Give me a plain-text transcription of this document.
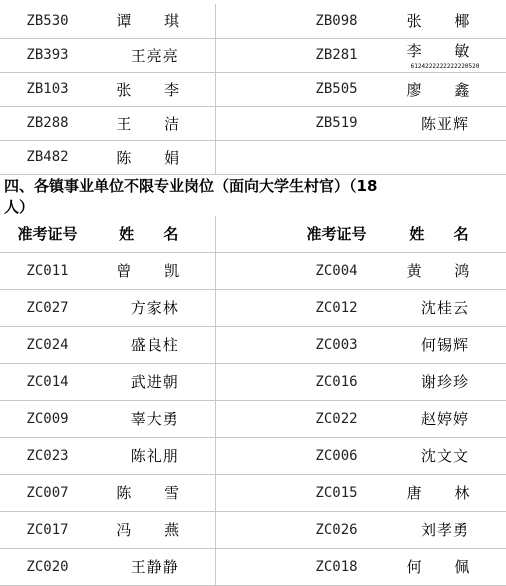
ZB530	谭 琪		ZB098	张 椰
ZB393	王亮亮		ZB281	李 敏
6124222222222220520

ZB103	张 李		ZB505	廖 鑫
ZB288	王 洁		ZB519	陈亚辉
ZB482	陈 娟			
四、各镇事业单位不限专业岗位（面向大学生村官）（18
人）
准考证号	姓 名		准考证号	姓 名
ZC011	曾 凯		ZC004	黄 鸿
ZC027	方家林		ZC012	沈桂云
ZC024	盛良柱		ZC003	何锡辉
ZC014	武进朝		ZC016	谢珍珍
ZC009	辜大勇		ZC022	赵婷婷
ZC023	陈礼朋		ZC006	沈文文
ZC007	陈 雪		ZC015	唐 林
ZC017	冯 燕		ZC026	刘孝勇
ZC020	王静静		ZC018	何 佩
